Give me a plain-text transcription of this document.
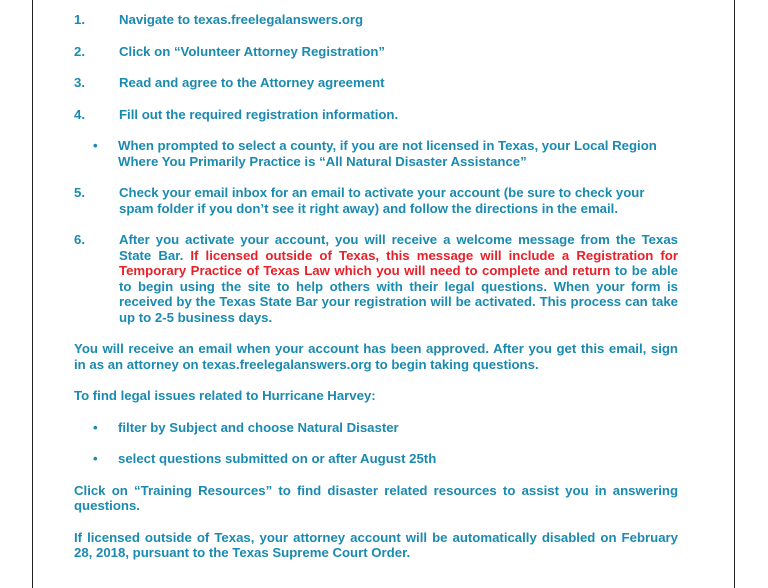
1.	Navigate to texas.freelegalanswers.org
2.	Click on “Volunteer Attorney Registration”
3.	Read and agree to the Attorney agreement
4.	Fill out the required registration information.
•	When prompted to select a county, if you are not licensed in Texas, your Local Region Where You Primarily Practice is “All Natural Disaster Assistance”
5.	Check your email inbox for an email to activate your account (be sure to check your spam folder if you don’t see it right away) and follow the directions in the email.
6.	After you activate your account, you will receive a welcome message from the Texas State Bar. If licensed outside of Texas, this message will include a Registration for Temporary Practice of Texas Law which you will need to complete and return to be able to begin using the site to help others with their legal questions. When your form is received by the Texas State Bar your registration will be activated. This process can take up to 2-5 business days.
You will receive an email when your account has been approved. After you get this email, sign in as an attorney on texas.freelegalanswers.org to begin taking questions.
To find legal issues related to Hurricane Harvey:
•	filter by Subject and choose Natural Disaster
•	select questions submitted on or after August 25th
Click on “Training Resources” to find disaster related resources to assist you in answering questions.
If licensed outside of Texas, your attorney account will be automatically disabled on February 28, 2018, pursuant to the Texas Supreme Court Order.
